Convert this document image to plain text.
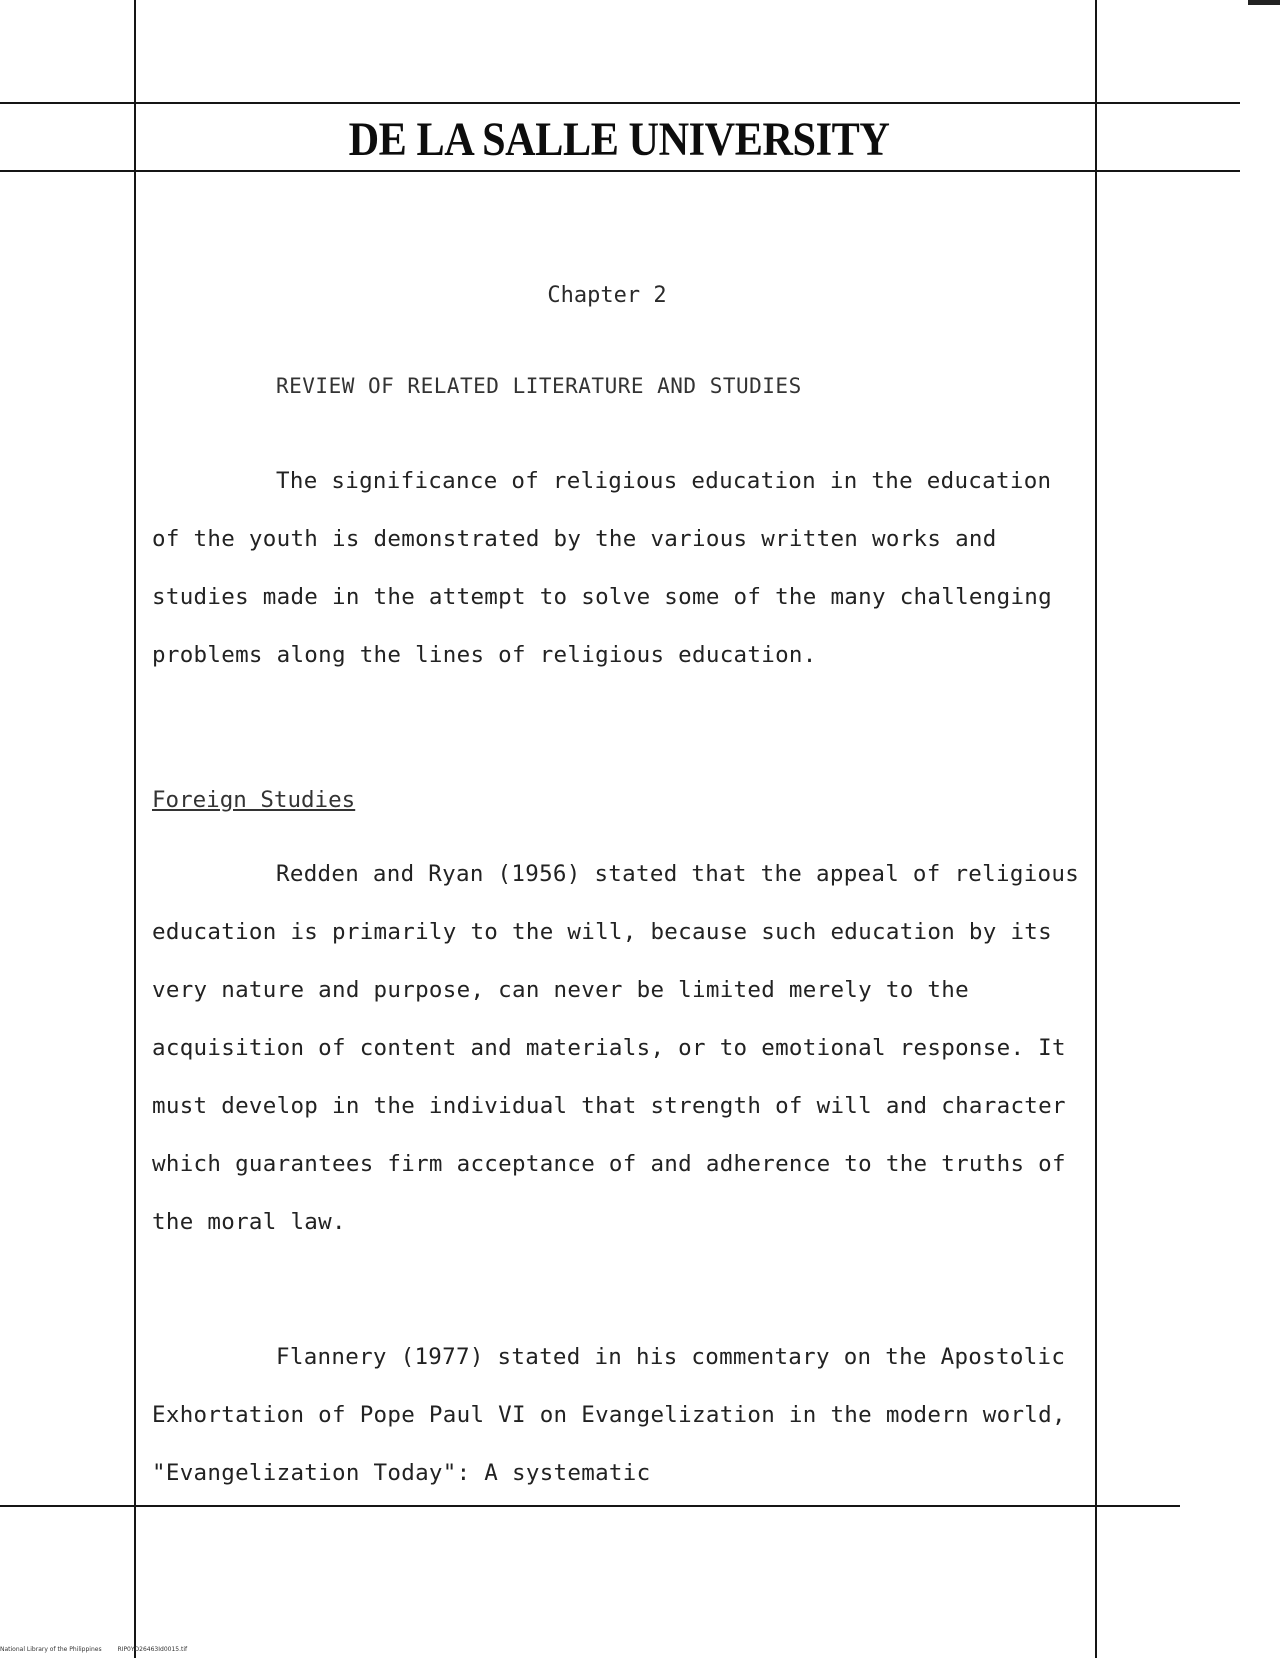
DE LA SALLE UNIVERSITY
Chapter 2
REVIEW OF RELATED LITERATURE AND STUDIES

The significance of religious education in the education of the youth is demonstrated by the various written works and studies made in the attempt to solve some of the many challenging problems along the lines of religious education.

Foreign Studies

Redden and Ryan (1956) stated that the appeal of religious education is primarily to the will, because such education by its very nature and purpose, can never be limited merely to the acquisition of content and materials, or to emotional response. It must develop in the individual that strength of will and character which guarantees firm acceptance of and adherence to the truths of the moral law.

Flannery (1977) stated in his commentary on the Apostolic Exhortation of Pope Paul VI on Evangelization in the modern world, "Evangelization Today": A systematic

National Library of the Philippines	RIP0YD26463Id0015.tif
